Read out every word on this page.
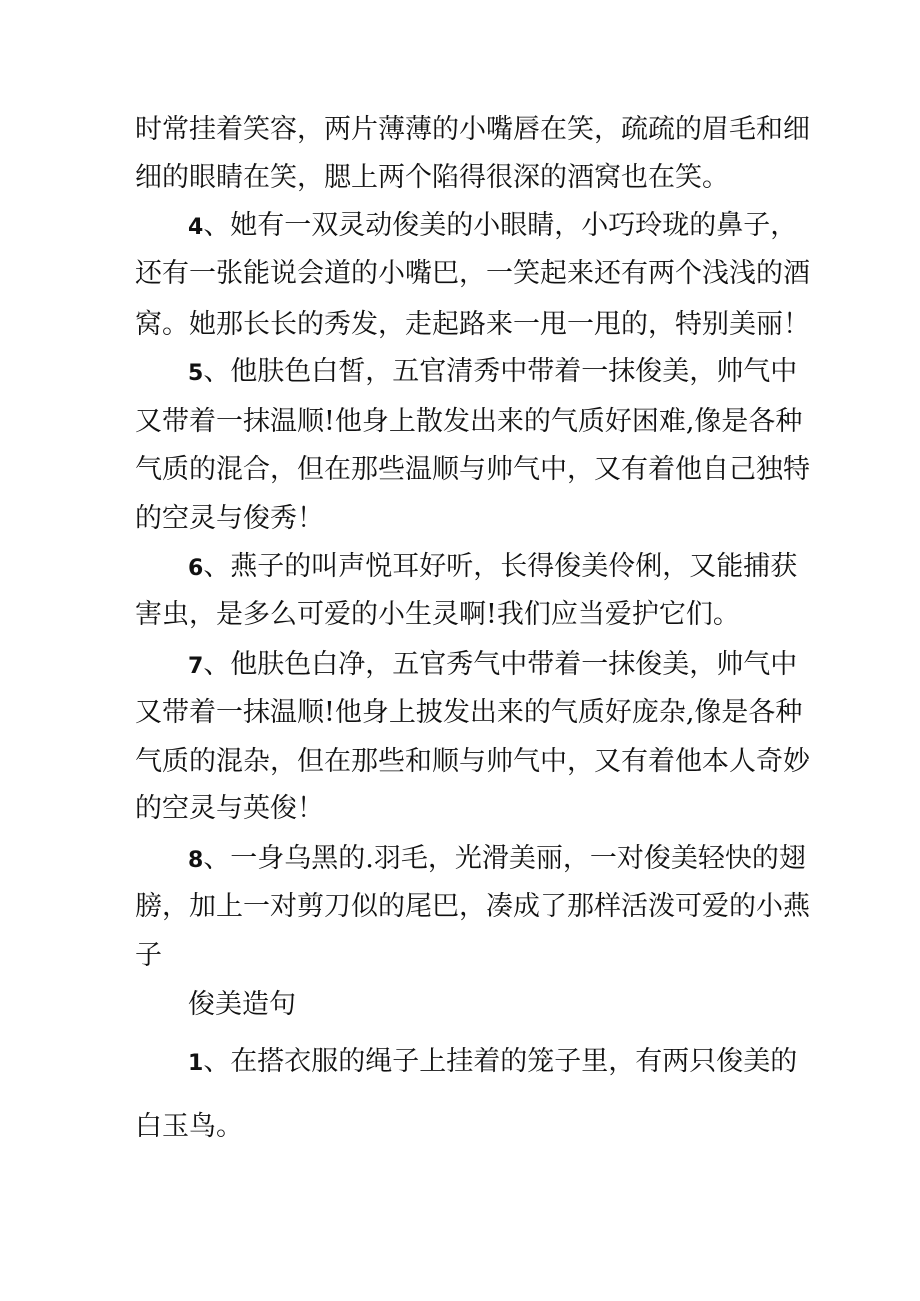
时常挂着笑容，两片薄薄的小嘴唇在笑，疏疏的眉毛和细
细的眼睛在笑，腮上两个陷得很深的酒窝也在笑。
4、她有一双灵动俊美的小眼睛，小巧玲珑的鼻子，
还有一张能说会道的小嘴巴，一笑起来还有两个浅浅的酒
窝。她那长长的秀发，走起路来一甩一甩的，特别美丽！
5、他肤色白皙，五官清秀中带着一抹俊美，帅气中
又带着一抹温顺!他身上散发出来的气质好困难,像是各种
气质的混合，但在那些温顺与帅气中，又有着他自己独特
的空灵与俊秀！
6、燕子的叫声悦耳好听，长得俊美伶俐，又能捕获
害虫，是多么可爱的小生灵啊!我们应当爱护它们。
7、他肤色白净，五官秀气中带着一抹俊美，帅气中
又带着一抹温顺!他身上披发出来的气质好庞杂,像是各种
气质的混杂，但在那些和顺与帅气中，又有着他本人奇妙
的空灵与英俊！
8、一身乌黑的.羽毛，光滑美丽，一对俊美轻快的翅
膀，加上一对剪刀似的尾巴，凑成了那样活泼可爱的小燕
子
俊美造句
1、在搭衣服的绳子上挂着的笼子里，有两只俊美的
白玉鸟。
